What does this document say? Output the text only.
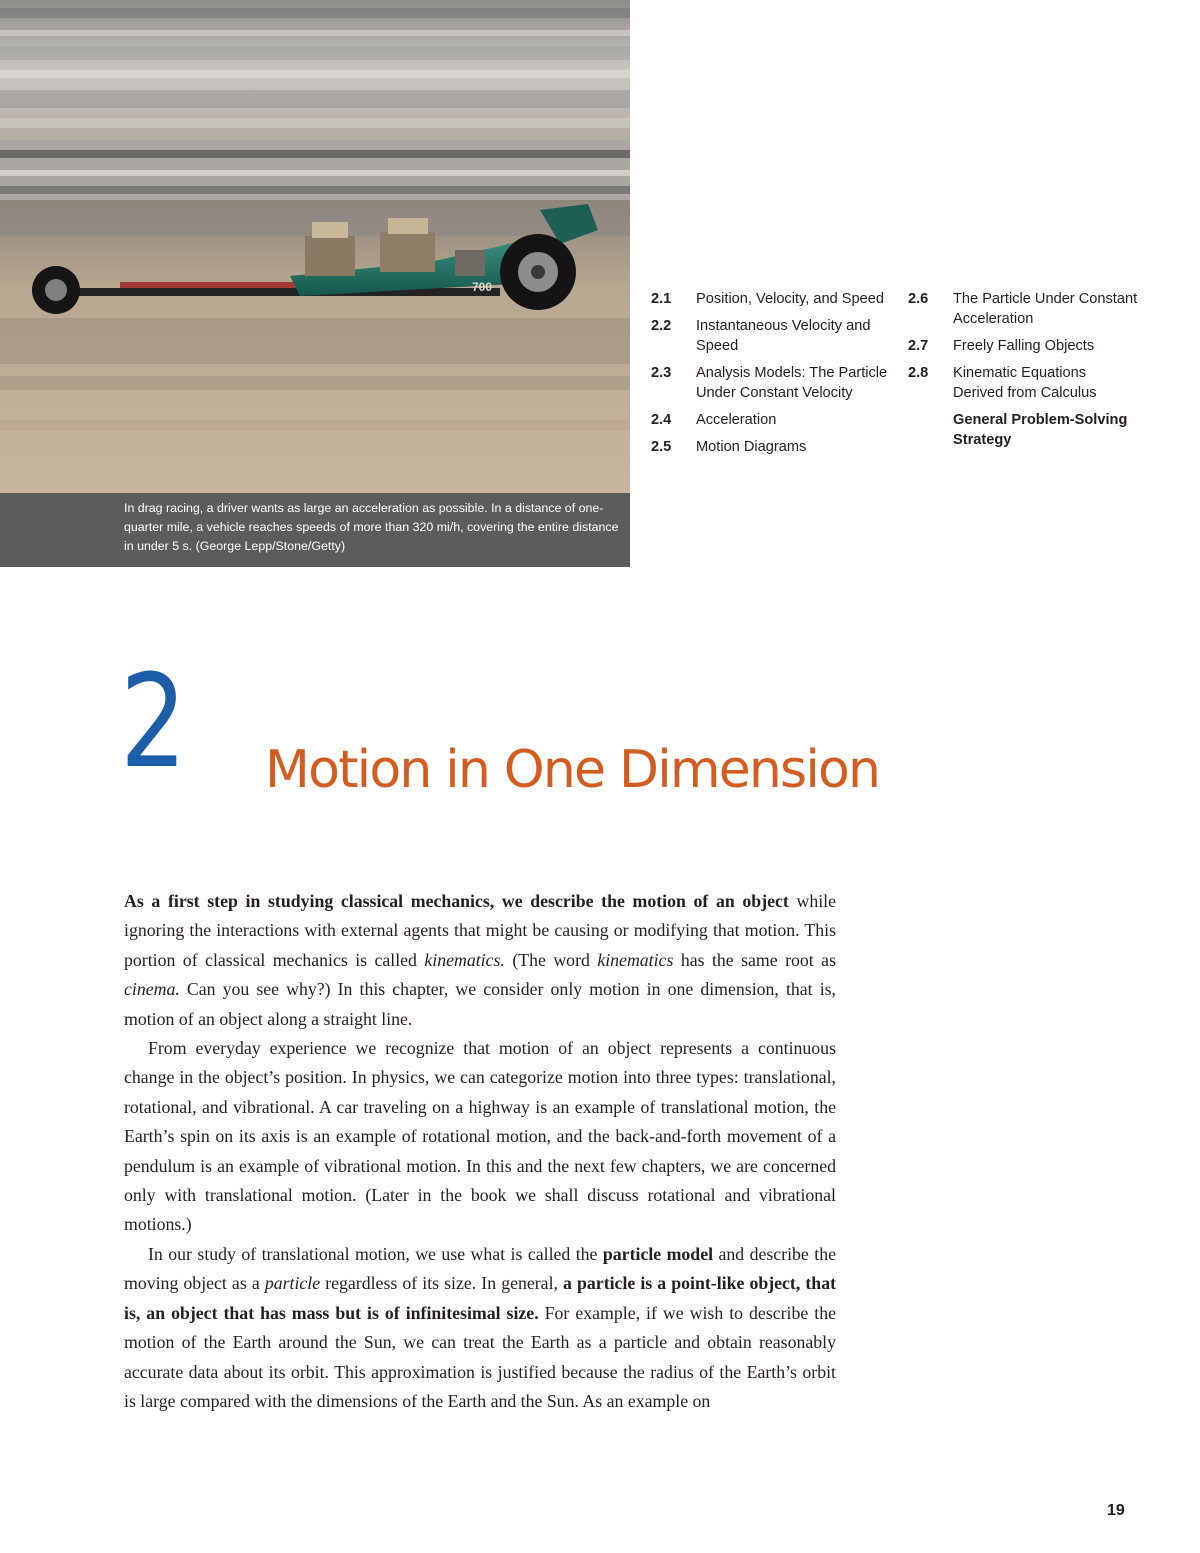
700
In drag racing, a driver wants as large an acceleration as possible. In a distance of one-quarter mile, a vehicle reaches speeds of more than 320 mi/h, covering the entire distance in under 5 s. (George Lepp/Stone/Getty)
2.1	Position, Velocity, and Speed
2.2	Instantaneous Velocity and Speed
2.3	Analysis Models: The Particle Under Constant Velocity
2.4	Acceleration
2.5	Motion Diagrams
2.6	The Particle Under Constant Acceleration
2.7	Freely Falling Objects
2.8	Kinematic Equations Derived from Calculus
General Problem-Solving Strategy
2 Motion in One Dimension

As a first step in studying classical mechanics, we describe the motion of an object while ignoring the interactions with external agents that might be causing or modifying that motion. This portion of classical mechanics is called kinematics. (The word kinematics has the same root as cinema. Can you see why?) In this chapter, we consider only motion in one dimension, that is, motion of an object along a straight line.

From everyday experience we recognize that motion of an object represents a continuous change in the object’s position. In physics, we can categorize motion into three types: translational, rotational, and vibrational. A car traveling on a highway is an example of translational motion, the Earth’s spin on its axis is an example of rotational motion, and the back-and-forth movement of a pendulum is an example of vibrational motion. In this and the next few chapters, we are concerned only with translational motion. (Later in the book we shall discuss rotational and vibrational motions.)

In our study of translational motion, we use what is called the particle model and describe the moving object as a particle regardless of its size. In general, a particle is a point-like object, that is, an object that has mass but is of infinitesimal size. For example, if we wish to describe the motion of the Earth around the Sun, we can treat the Earth as a particle and obtain reasonably accurate data about its orbit. This approximation is justified because the radius of the Earth’s orbit is large compared with the dimensions of the Earth and the Sun. As an example on

19
